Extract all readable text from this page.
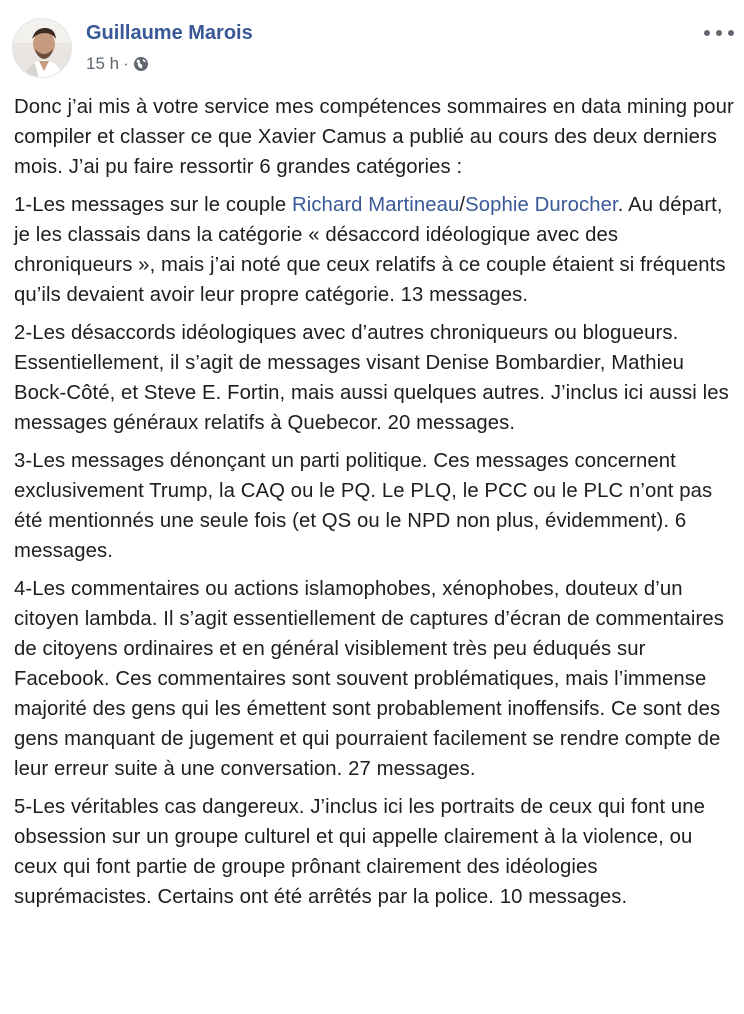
Guillaume Marois
15 h ·

Donc j’ai mis à votre service mes compétences sommaires en data mining pour compiler et classer ce que Xavier Camus a publié au cours des deux derniers mois. J’ai pu faire ressortir 6 grandes catégories :

1-Les messages sur le couple Richard Martineau/Sophie Durocher. Au départ, je les classais dans la catégorie « désaccord idéologique avec des chroniqueurs », mais j’ai noté que ceux relatifs à ce couple étaient si fréquents qu’ils devaient avoir leur propre catégorie. 13 messages.

2-Les désaccords idéologiques avec d’autres chroniqueurs ou blogueurs. Essentiellement, il s’agit de messages visant Denise Bombardier, Mathieu Bock-Côté, et Steve E. Fortin, mais aussi quelques autres. J’inclus ici aussi les messages généraux relatifs à Quebecor. 20 messages.

3-Les messages dénonçant un parti politique. Ces messages concernent exclusivement Trump, la CAQ ou le PQ. Le PLQ, le PCC ou le PLC n’ont pas été mentionnés une seule fois (et QS ou le NPD non plus, évidemment). 6 messages.

4-Les commentaires ou actions islamophobes, xénophobes, douteux d’un citoyen lambda. Il s’agit essentiellement de captures d’écran de commentaires de citoyens ordinaires et en général visiblement très peu éduqués sur Facebook. Ces commentaires sont souvent problématiques, mais l’immense majorité des gens qui les émettent sont probablement inoffensifs. Ce sont des gens manquant de jugement et qui pourraient facilement se rendre compte de leur erreur suite à une conversation. 27 messages.

5-Les véritables cas dangereux. J’inclus ici les portraits de ceux qui font une obsession sur un groupe culturel et qui appelle clairement à la violence, ou ceux qui font partie de groupe prônant clairement des idéologies suprémacistes. Certains ont été arrêtés par la police. 10 messages.
